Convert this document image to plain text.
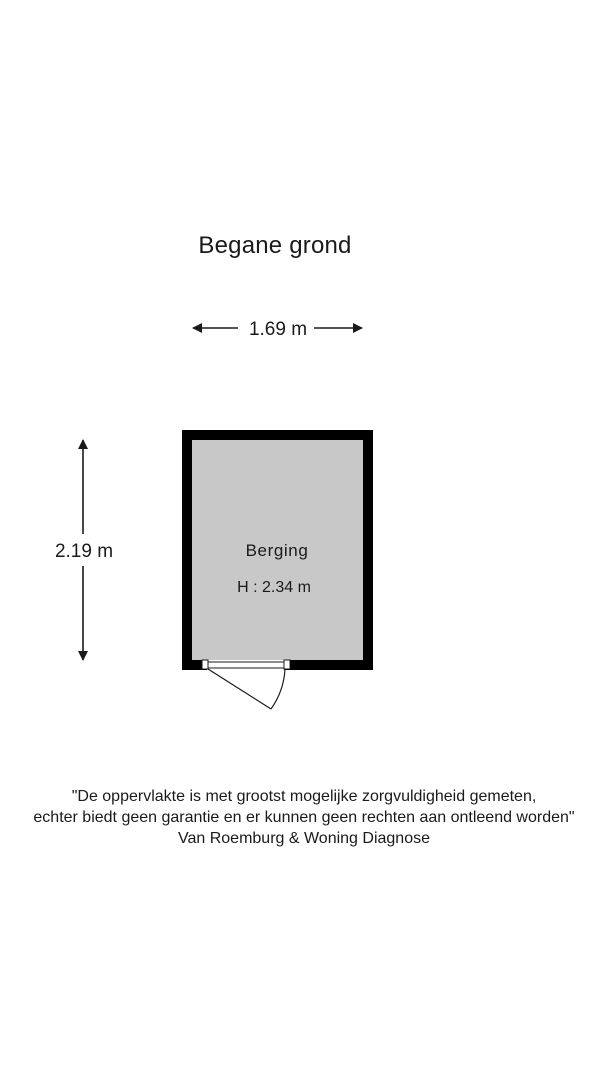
Begane grond
1.69 m
2.19 m	Berging
H : 2.34 m
"De oppervlakte is met grootst mogelijke zorgvuldigheid gemeten,
echter biedt geen garantie en er kunnen geen rechten aan ontleend worden"
Van Roemburg & Woning Diagnose
